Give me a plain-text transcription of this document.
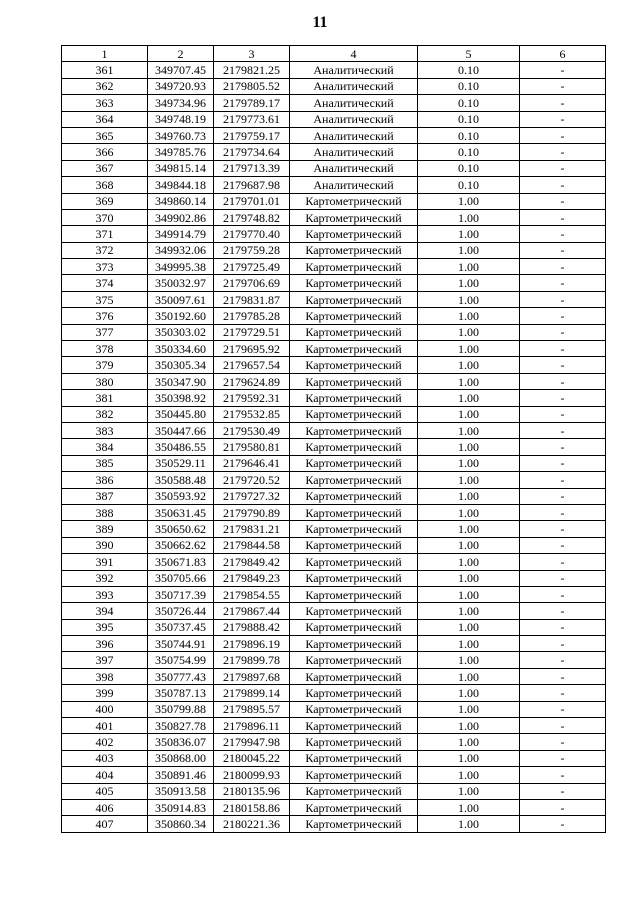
11
1	2	3	4	5	6
361	349707.45	2179821.25	Аналитический	0.10	-
362	349720.93	2179805.52	Аналитический	0.10	-
363	349734.96	2179789.17	Аналитический	0.10	-
364	349748.19	2179773.61	Аналитический	0.10	-
365	349760.73	2179759.17	Аналитический	0.10	-
366	349785.76	2179734.64	Аналитический	0.10	-
367	349815.14	2179713.39	Аналитический	0.10	-
368	349844.18	2179687.98	Аналитический	0.10	-
369	349860.14	2179701.01	Картометрический	1.00	-
370	349902.86	2179748.82	Картометрический	1.00	-
371	349914.79	2179770.40	Картометрический	1.00	-
372	349932.06	2179759.28	Картометрический	1.00	-
373	349995.38	2179725.49	Картометрический	1.00	-
374	350032.97	2179706.69	Картометрический	1.00	-
375	350097.61	2179831.87	Картометрический	1.00	-
376	350192.60	2179785.28	Картометрический	1.00	-
377	350303.02	2179729.51	Картометрический	1.00	-
378	350334.60	2179695.92	Картометрический	1.00	-
379	350305.34	2179657.54	Картометрический	1.00	-
380	350347.90	2179624.89	Картометрический	1.00	-
381	350398.92	2179592.31	Картометрический	1.00	-
382	350445.80	2179532.85	Картометрический	1.00	-
383	350447.66	2179530.49	Картометрический	1.00	-
384	350486.55	2179580.81	Картометрический	1.00	-
385	350529.11	2179646.41	Картометрический	1.00	-
386	350588.48	2179720.52	Картометрический	1.00	-
387	350593.92	2179727.32	Картометрический	1.00	-
388	350631.45	2179790.89	Картометрический	1.00	-
389	350650.62	2179831.21	Картометрический	1.00	-
390	350662.62	2179844.58	Картометрический	1.00	-
391	350671.83	2179849.42	Картометрический	1.00	-
392	350705.66	2179849.23	Картометрический	1.00	-
393	350717.39	2179854.55	Картометрический	1.00	-
394	350726.44	2179867.44	Картометрический	1.00	-
395	350737.45	2179888.42	Картометрический	1.00	-
396	350744.91	2179896.19	Картометрический	1.00	-
397	350754.99	2179899.78	Картометрический	1.00	-
398	350777.43	2179897.68	Картометрический	1.00	-
399	350787.13	2179899.14	Картометрический	1.00	-
400	350799.88	2179895.57	Картометрический	1.00	-
401	350827.78	2179896.11	Картометрический	1.00	-
402	350836.07	2179947.98	Картометрический	1.00	-
403	350868.00	2180045.22	Картометрический	1.00	-
404	350891.46	2180099.93	Картометрический	1.00	-
405	350913.58	2180135.96	Картометрический	1.00	-
406	350914.83	2180158.86	Картометрический	1.00	-
407	350860.34	2180221.36	Картометрический	1.00	-
